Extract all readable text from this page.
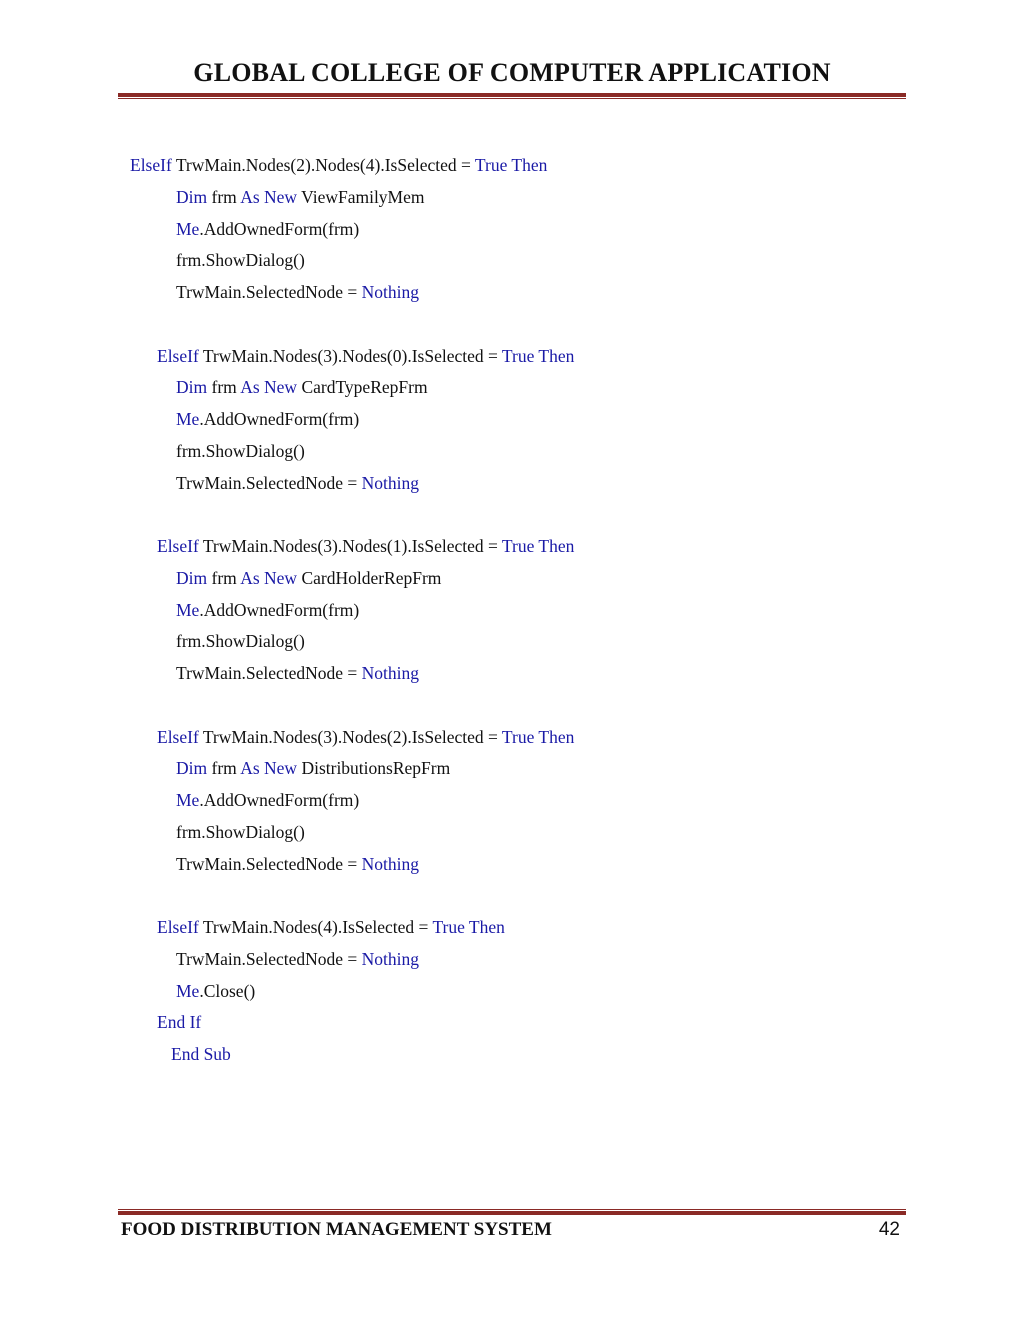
GLOBAL COLLEGE OF COMPUTER APPLICATION
ElseIf TrwMain.Nodes(2).Nodes(4).IsSelected = True Then
Dim frm As New ViewFamilyMem
Me.AddOwnedForm(frm)
frm.ShowDialog()
TrwMain.SelectedNode = Nothing
ElseIf TrwMain.Nodes(3).Nodes(0).IsSelected = True Then
Dim frm As New CardTypeRepFrm
Me.AddOwnedForm(frm)
frm.ShowDialog()
TrwMain.SelectedNode = Nothing
ElseIf TrwMain.Nodes(3).Nodes(1).IsSelected = True Then
Dim frm As New CardHolderRepFrm
Me.AddOwnedForm(frm)
frm.ShowDialog()
TrwMain.SelectedNode = Nothing
ElseIf TrwMain.Nodes(3).Nodes(2).IsSelected = True Then
Dim frm As New DistributionsRepFrm
Me.AddOwnedForm(frm)
frm.ShowDialog()
TrwMain.SelectedNode = Nothing
ElseIf TrwMain.Nodes(4).IsSelected = True Then
TrwMain.SelectedNode = Nothing
Me.Close()
End If
End Sub
FOOD DISTRIBUTION MANAGEMENT SYSTEM	42
